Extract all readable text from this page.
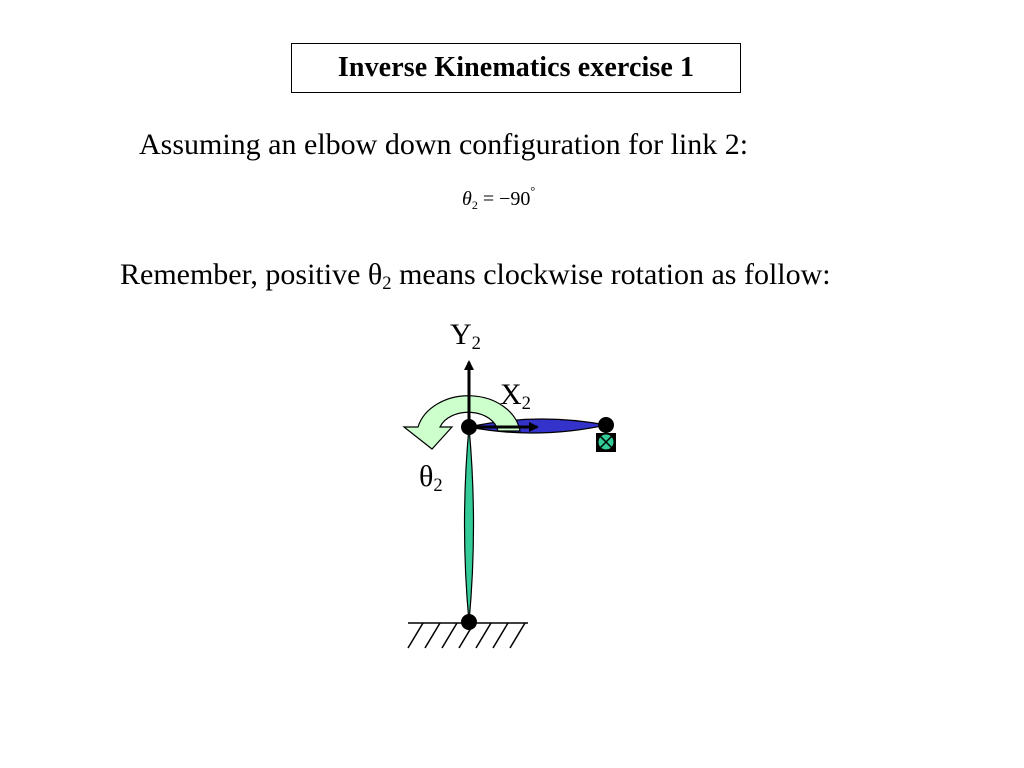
Inverse Kinematics exercise 1
Assuming an elbow down configuration for link 2:
$\theta_2 = -90^\circ$
Remember, positive $\theta_2$ means clockwise rotation as follow:
$Y_2$
$X_2$
$\theta_2$
